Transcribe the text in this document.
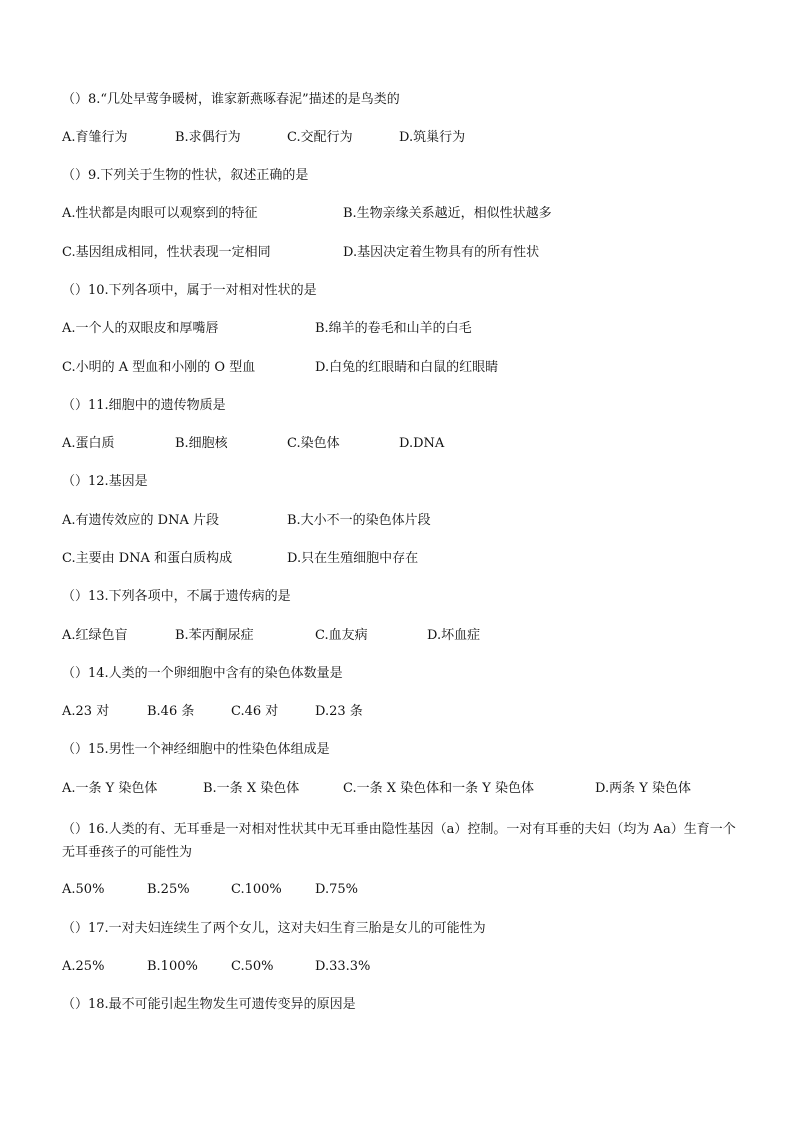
（）8.“几处早莺争暖树，谁家新燕啄春泥”描述的是鸟类的
A.育雏行为	B.求偶行为	C.交配行为	D.筑巢行为
（）9.下列关于生物的性状，叙述正确的是
A.性状都是肉眼可以观察到的特征	B.生物亲缘关系越近，相似性状越多
C.基因组成相同，性状表现一定相同	D.基因决定着生物具有的所有性状
（）10.下列各项中，属于一对相对性状的是
A.一个人的双眼皮和厚嘴唇	B.绵羊的卷毛和山羊的白毛
C.小明的 A 型血和小刚的 O 型血	D.白兔的红眼睛和白鼠的红眼睛
（）11.细胞中的遗传物质是
A.蛋白质	B.细胞核	C.染色体	D.DNA
（）12.基因是
A.有遗传效应的 DNA 片段	B.大小不一的染色体片段
C.主要由 DNA 和蛋白质构成	D.只在生殖细胞中存在
（）13.下列各项中，不属于遗传病的是
A.红绿色盲	B.苯丙酮尿症	C.血友病	D.坏血症
（）14.人类的一个卵细胞中含有的染色体数量是
A.23 对	B.46 条	C.46 对	D.23 条
（）15.男性一个神经细胞中的性染色体组成是
A.一条 Y 染色体	B.一条 X 染色体	C.一条 X 染色体和一条 Y 染色体	D.两条 Y 染色体
（）16.人类的有、无耳垂是一对相对性状其中无耳垂由隐性基因（a）控制。一对有耳垂的夫妇（均为 Aa）生育一个无耳垂孩子的可能性为
A.50%	B.25%	C.100%	D.75%
（）17.一对夫妇连续生了两个女儿，这对夫妇生育三胎是女儿的可能性为
A.25%	B.100%	C.50%	D.33.3%
（）18.最不可能引起生物发生可遗传变异的原因是
